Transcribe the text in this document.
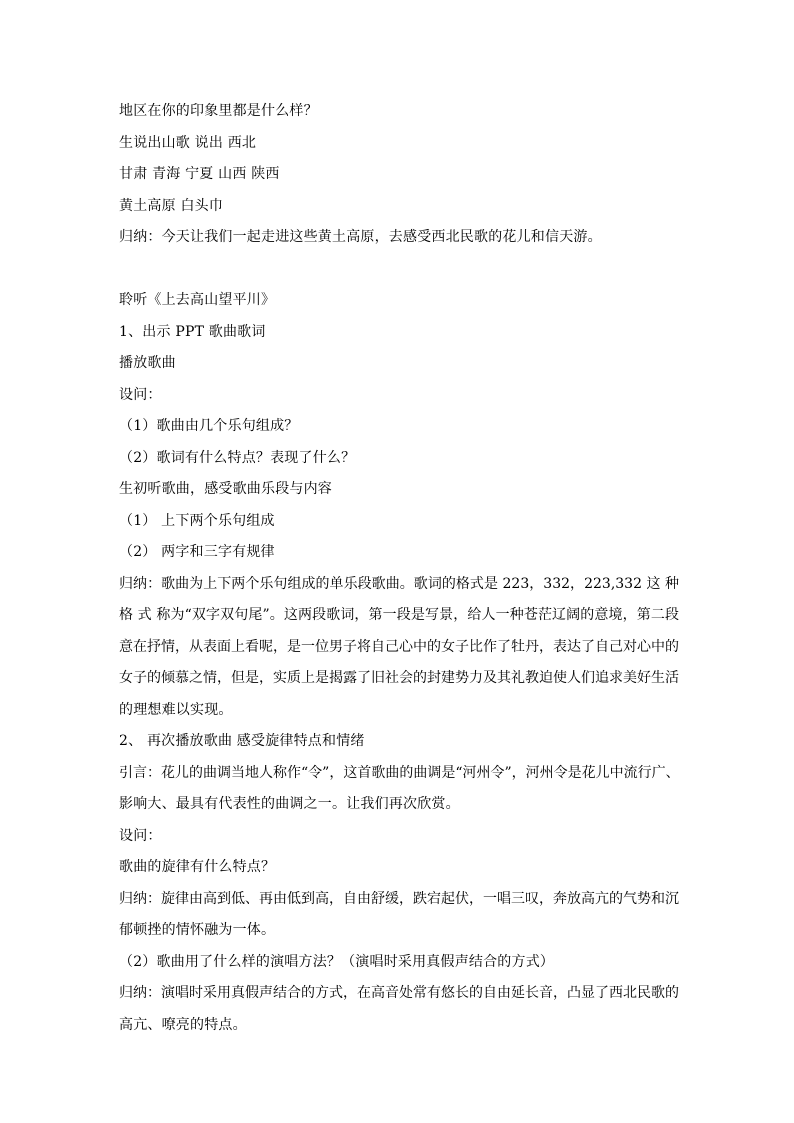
地区在你的印象里都是什么样？
生说出山歌 说出 西北
甘肃 青海 宁夏 山西 陕西
黄土高原 白头巾
归纳：今天让我们一起走进这些黄土高原，去感受西北民歌的花儿和信天游。
聆听《上去高山望平川》
1、出示 PPT 歌曲歌词
播放歌曲
设问：
（1）歌曲由几个乐句组成？
（2）歌词有什么特点？表现了什么？
生初听歌曲，感受歌曲乐段与内容
（1） 上下两个乐句组成
（2） 两字和三字有规律
归纳：歌曲为上下两个乐句组成的单乐段歌曲。歌词的格式是 223，332，223,332 这 种
格 式 称为“双字双句尾”。这两段歌词，第一段是写景，给人一种苍茫辽阔的意境，第二段
意在抒情，从表面上看呢，是一位男子将自己心中的女子比作了牡丹，表达了自己对心中的
女子的倾慕之情，但是，实质上是揭露了旧社会的封建势力及其礼教迫使人们追求美好生活
的理想难以实现。
2、 再次播放歌曲 感受旋律特点和情绪
引言：花儿的曲调当地人称作“令”，这首歌曲的曲调是“河州令”，河州令是花儿中流行广、
影响大、最具有代表性的曲调之一。让我们再次欣赏。
设问：
歌曲的旋律有什么特点？
归纳：旋律由高到低、再由低到高，自由舒缓，跌宕起伏，一唱三叹，奔放高亢的气势和沉
郁顿挫的情怀融为一体。
（2）歌曲用了什么样的演唱方法？（演唱时采用真假声结合的方式）
归纳：演唱时采用真假声结合的方式，在高音处常有悠长的自由延长音，凸显了西北民歌的
高亢、嘹亮的特点。
